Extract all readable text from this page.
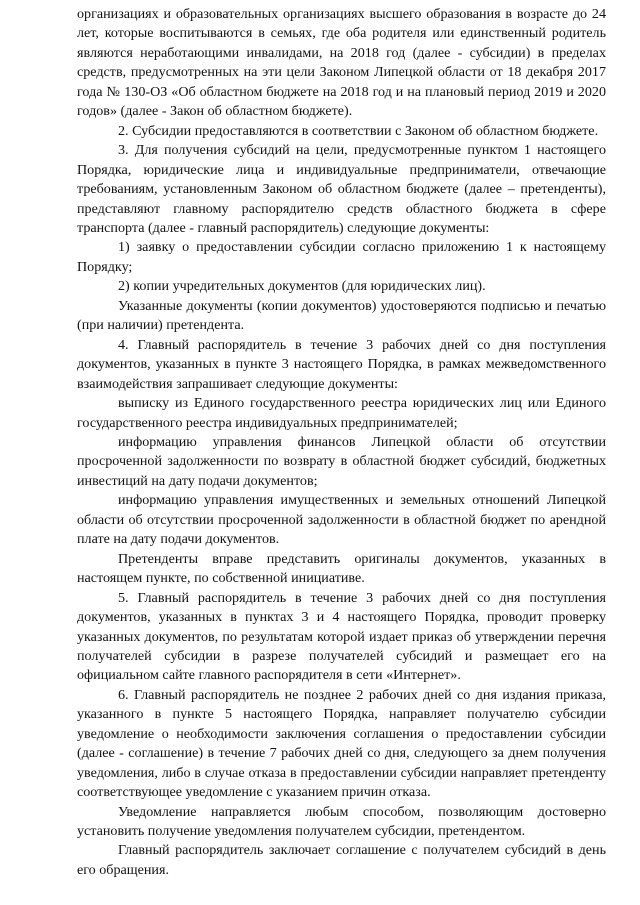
организациях и образовательных организациях высшего образования в возрасте до 24 лет, которые воспитываются в семьях, где оба родителя или единственный родитель являются неработающими инвалидами, на 2018 год (далее - субсидии) в пределах средств, предусмотренных на эти цели Законом Липецкой области от 18 декабря 2017 года № 130-ОЗ «Об областном бюджете на 2018 год и на плановый период 2019 и 2020 годов» (далее - Закон об областном бюджете).

2. Субсидии предоставляются в соответствии с Законом об областном бюджете.

3. Для получения субсидий на цели, предусмотренные пунктом 1 настоящего Порядка, юридические лица и индивидуальные предприниматели, отвечающие требованиям, установленным Законом об областном бюджете (далее – претенденты), представляют главному распорядителю средств областного бюджета в сфере транспорта (далее - главный распорядитель) следующие документы:

1) заявку о предоставлении субсидии согласно приложению 1 к настоящему Порядку;

2) копии учредительных документов (для юридических лиц).

Указанные документы (копии документов) удостоверяются подписью и печатью (при наличии) претендента.

4. Главный распорядитель в течение 3 рабочих дней со дня поступления документов, указанных в пункте 3 настоящего Порядка, в рамках межведомственного взаимодействия запрашивает следующие документы:

выписку из Единого государственного реестра юридических лиц или Единого государственного реестра индивидуальных предпринимателей;

информацию управления финансов Липецкой области об отсутствии просроченной задолженности по возврату в областной бюджет субсидий, бюджетных инвестиций на дату подачи документов;

информацию управления имущественных и земельных отношений Липецкой области об отсутствии просроченной задолженности в областной бюджет по арендной плате на дату подачи документов.

Претенденты вправе представить оригиналы документов, указанных в настоящем пункте, по собственной инициативе.

5. Главный распорядитель в течение 3 рабочих дней со дня поступления документов, указанных в пунктах 3 и 4 настоящего Порядка, проводит проверку указанных документов, по результатам которой издает приказ об утверждении перечня получателей субсидии в разрезе получателей субсидий и размещает его на официальном сайте главного распорядителя в сети «Интернет».

6. Главный распорядитель не позднее 2 рабочих дней со дня издания приказа, указанного в пункте 5 настоящего Порядка, направляет получателю субсидии уведомление о необходимости заключения соглашения о предоставлении субсидии (далее - соглашение) в течение 7 рабочих дней со дня, следующего за днем получения уведомления, либо в случае отказа в предоставлении субсидии направляет претенденту соответствующее уведомление с указанием причин отказа.

Уведомление направляется любым способом, позволяющим достоверно установить получение уведомления получателем субсидии, претендентом.

Главный распорядитель заключает соглашение с получателем субсидий в день его обращения.
